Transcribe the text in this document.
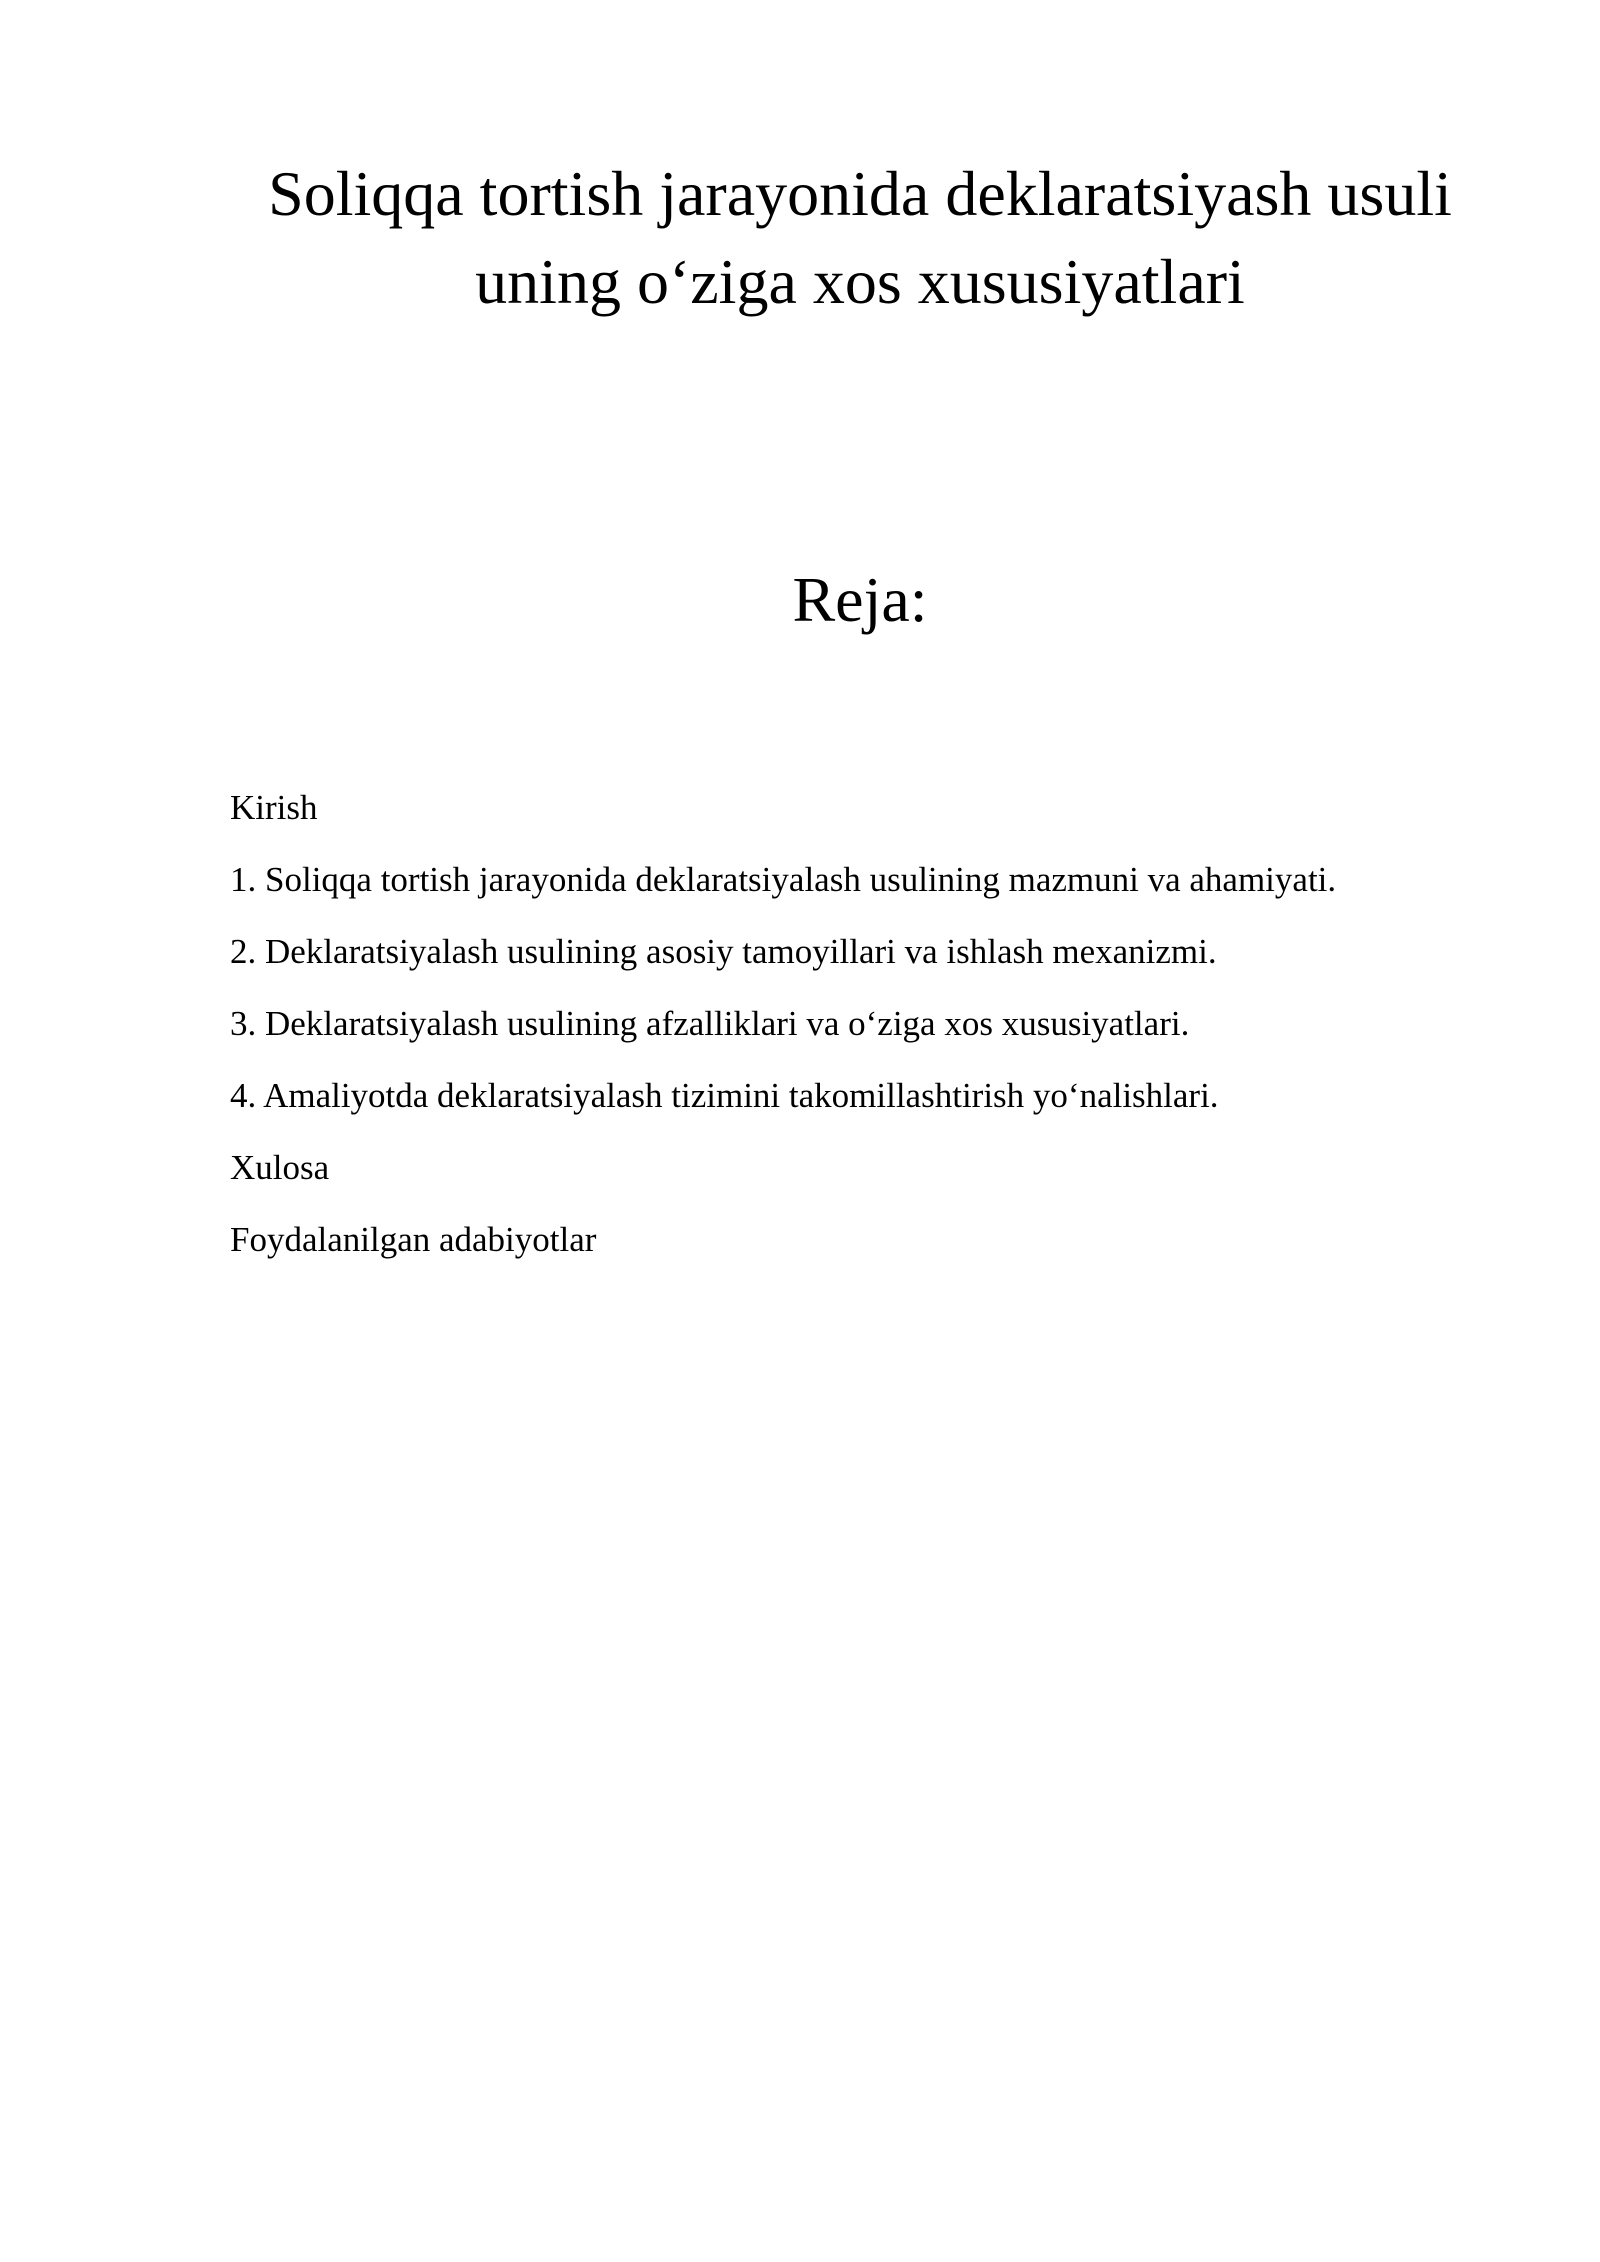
Soliqqa tortish jarayonida deklaratsiyash usuli
uning o‘ziga xos xususiyatlari
Reja:
Kirish
1. Soliqqa tortish jarayonida deklaratsiyalash usulining mazmuni va ahamiyati.
2. Deklaratsiyalash usulining asosiy tamoyillari va ishlash mexanizmi.
3. Deklaratsiyalash usulining afzalliklari va o‘ziga xos xususiyatlari.
4. Amaliyotda deklaratsiyalash tizimini takomillashtirish yo‘nalishlari.
Xulosa
Foydalanilgan adabiyotlar
